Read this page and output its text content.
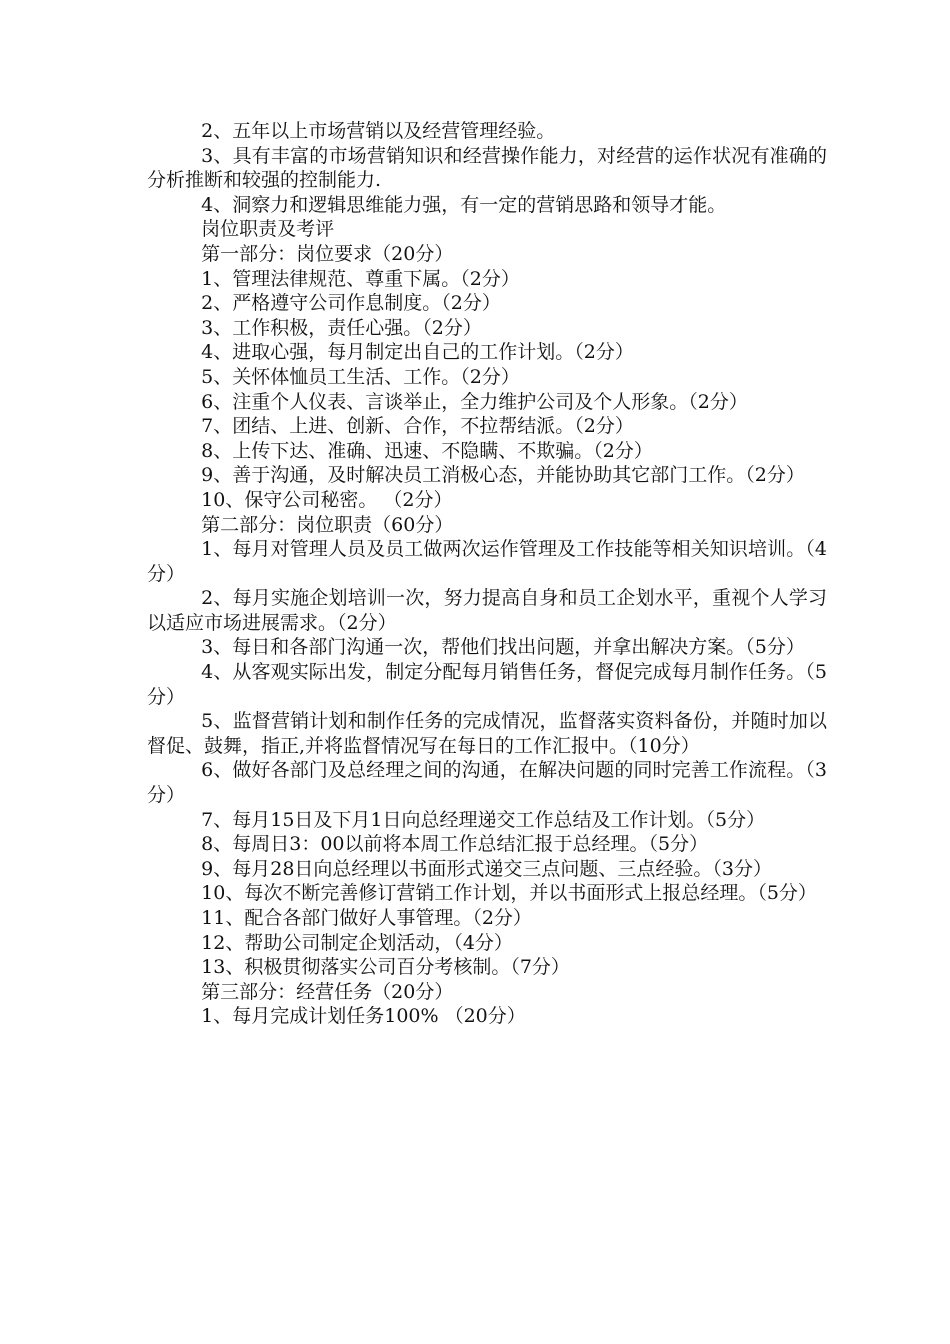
2、五年以上市场营销以及经营管理经验。

3、具有丰富的市场营销知识和经营操作能力，对经营的运作状况有准确的分析推断和较强的控制能力.

4、洞察力和逻辑思维能力强，有一定的营销思路和领导才能。

岗位职责及考评

第一部分：岗位要求（20分）

1、管理法律规范、尊重下属。（2分）

2、严格遵守公司作息制度。（2分）

3、工作积极，责任心强。（2分）

4、进取心强，每月制定出自己的工作计划。（2分）

5、关怀体恤员工生活、工作。（2分）

6、注重个人仪表、言谈举止，全力维护公司及个人形象。（2分）

7、团结、上进、创新、合作，不拉帮结派。（2分）

8、上传下达、准确、迅速、不隐瞒、不欺骗。（2分）

9、善于沟通，及时解决员工消极心态，并能协助其它部门工作。（2分）

10、保守公司秘密。 （2分）

第二部分：岗位职责（60分）

1、每月对管理人员及员工做两次运作管理及工作技能等相关知识培训。（4分）

2、每月实施企划培训一次，努力提高自身和员工企划水平，重视个人学习以适应市场进展需求。（2分）

3、每日和各部门沟通一次，帮他们找出问题，并拿出解决方案。（5分）

4、从客观实际出发，制定分配每月销售任务，督促完成每月制作任务。（5分）

5、监督营销计划和制作任务的完成情况，监督落实资料备份，并随时加以督促、鼓舞，指正,并将监督情况写在每日的工作汇报中。（10分）

6、做好各部门及总经理之间的沟通，在解决问题的同时完善工作流程。（3分）

7、每月15日及下月1日向总经理递交工作总结及工作计划。（5分）

8、每周日3：00以前将本周工作总结汇报于总经理。（5分）

9、每月28日向总经理以书面形式递交三点问题、三点经验。（3分）

10、每次不断完善修订营销工作计划，并以书面形式上报总经理。（5分）

11、配合各部门做好人事管理。（2分）

12、帮助公司制定企划活动，（4分）

13、积极贯彻落实公司百分考核制。（7分）

第三部分：经营任务（20分）

1、每月完成计划任务100% （20分）
